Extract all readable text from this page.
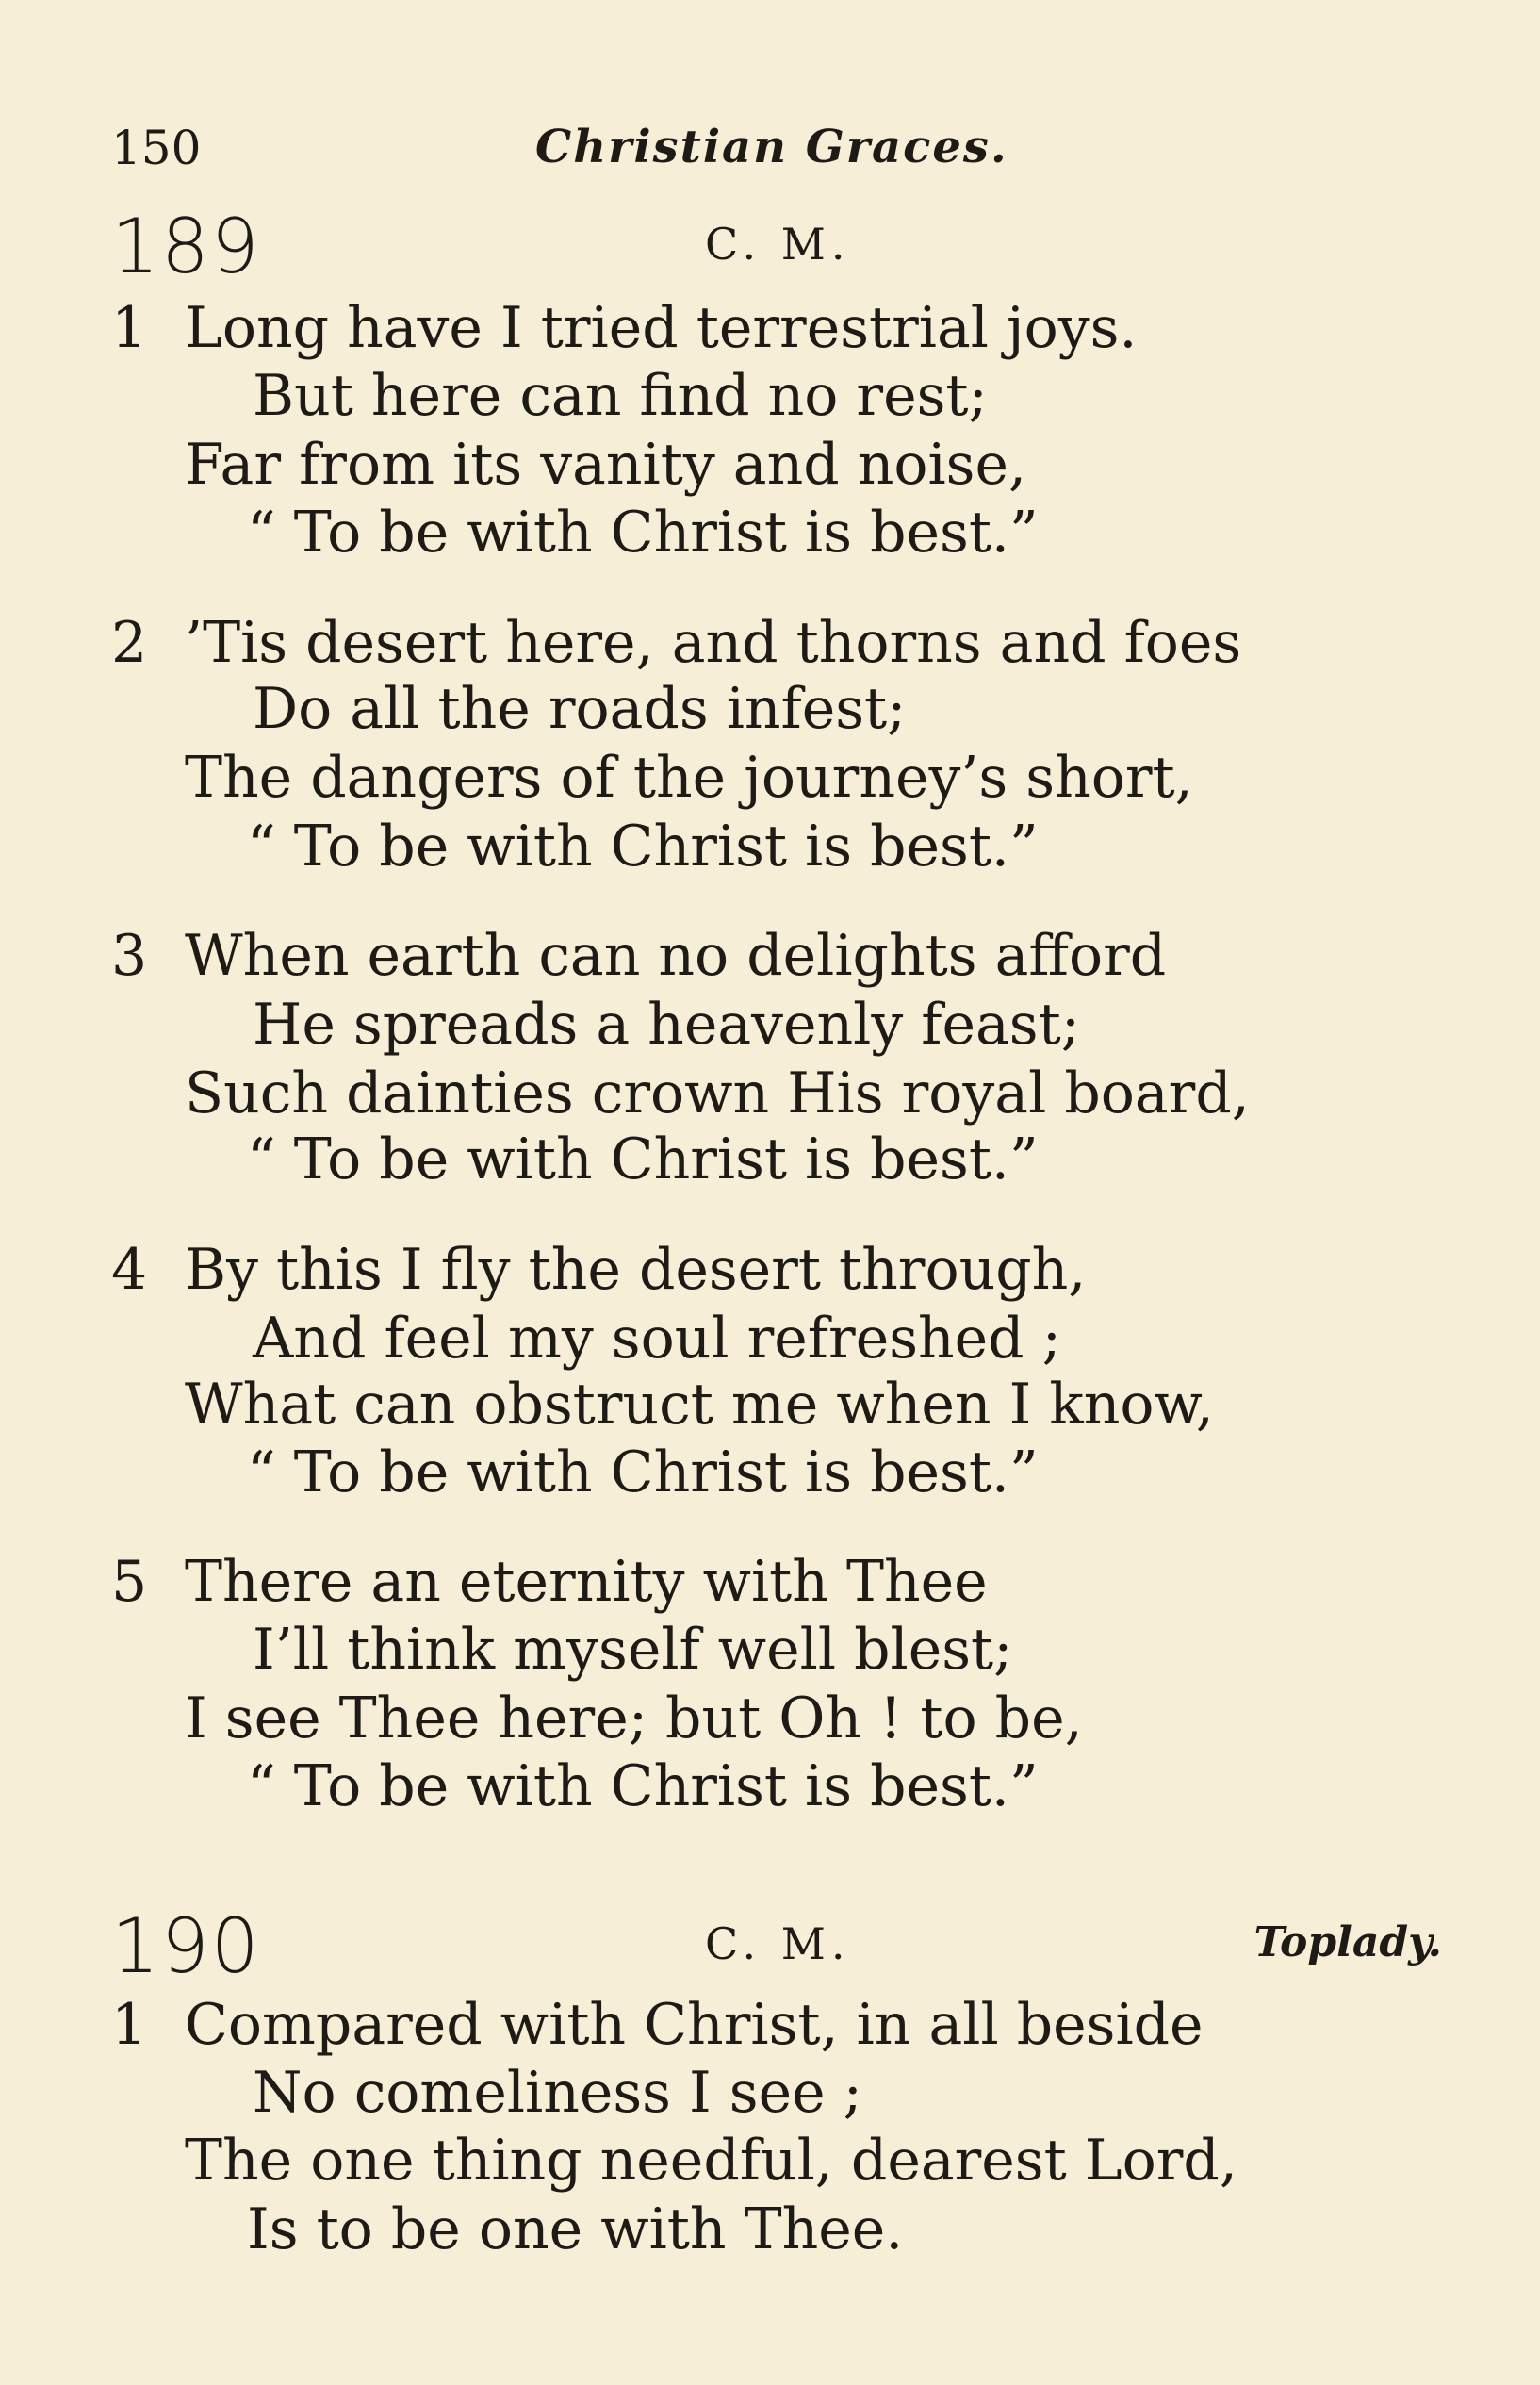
150	Christian Graces.
189	C. M.
1 Long have I tried terrestrial joys.
But here can find no rest;
Far from its vanity and noise,
“ To be with Christ is best.”
2 ’Tis desert here, and thorns and foes
Do all the roads infest;
The dangers of the journey’s short,
“ To be with Christ is best.”
3 When earth can no delights afford
He spreads a heavenly feast;
Such dainties crown His royal board,
“ To be with Christ is best.”
4 By this I fly the desert through,
And feel my soul refreshed ;
What can obstruct me when I know,
“ To be with Christ is best.”
5 There an eternity with Thee
I’ll think myself well blest;
I see Thee here; but Oh ! to be,
“ To be with Christ is best.”
190	C. M.	Toplady.
1 Compared with Christ, in all beside
No comeliness I see ;
The one thing needful, dearest Lord,
Is to be one with Thee.
